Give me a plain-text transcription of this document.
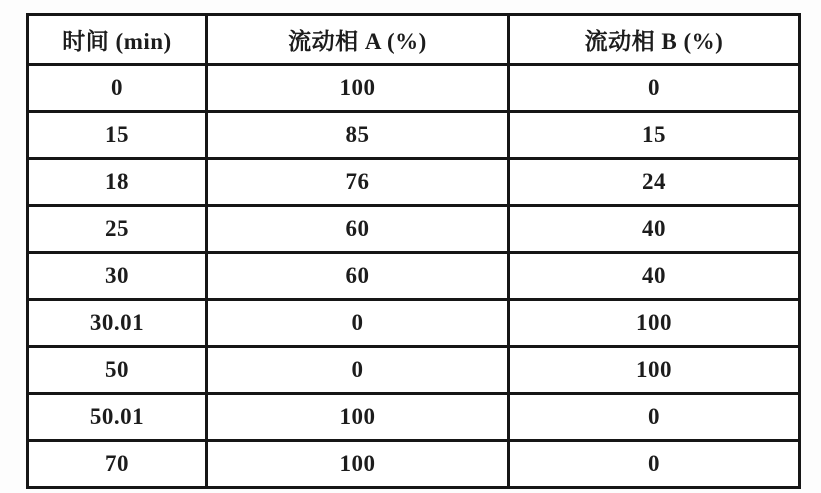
时间 (min)	流动相 A (%)	流动相 B (%)
0	100	0
15	85	15
18	76	24
25	60	40
30	60	40
30.01	0	100
50	0	100
50.01	100	0
70	100	0
